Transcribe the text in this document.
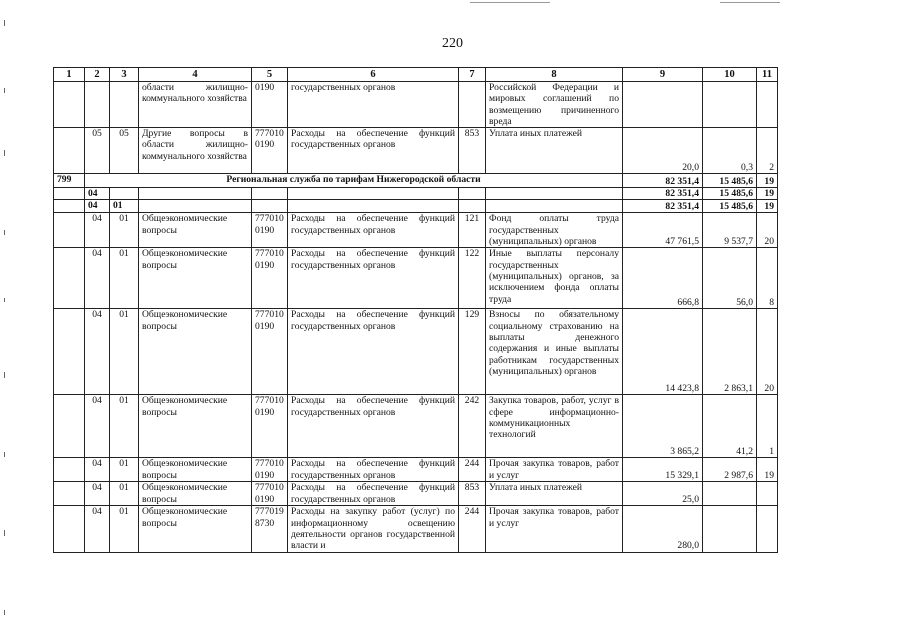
220
1	2	3	4	5	6	7	8	9	10	11
			области жилищно-коммунального хозяйства	0190	государственных органов		Российской Федерации и мировых соглашений по возмещению причиненного вреда			
	05	05	Другие вопросы в области жилищно-коммунального хозяйства	777010 0190	Расходы на обеспечение функций государственных органов	853	Уплата иных платежей	20,0	0,3	2
799	Региональная служба по тарифам Нижегородской области							82 351,4	15 485,6	19
	04							82 351,4	15 485,6	19
	04	01						82 351,4	15 485,6	19
	04	01	Общеэкономические вопросы	777010 0190	Расходы на обеспечение функций государственных органов	121	Фонд оплаты труда государственных (муниципальных) органов	47 761,5	9 537,7	20
	04	01	Общеэкономические вопросы	777010 0190	Расходы на обеспечение функций государственных органов	122	Иные выплаты персоналу государственных (муниципальных) органов, за исключением фонда оплаты труда	666,8	56,0	8
	04	01	Общеэкономические вопросы	777010 0190	Расходы на обеспечение функций государственных органов	129	Взносы по обязательному социальному страхованию на выплаты денежного содержания и иные выплаты работникам государственных (муниципальных) органов	14 423,8	2 863,1	20
	04	01	Общеэкономические вопросы	777010 0190	Расходы на обеспечение функций государственных органов	242	Закупка товаров, работ, услуг в сфере информационно-коммуникационных технологий	3 865,2	41,2	1
	04	01	Общеэкономические вопросы	777010 0190	Расходы на обеспечение функций государственных органов	244	Прочая закупка товаров, работ и услуг	15 329,1	2 987,6	19
	04	01	Общеэкономические вопросы	777010 0190	Расходы на обеспечение функций государственных органов	853	Уплата иных платежей	25,0		
	04	01	Общеэкономические вопросы	777019 8730	Расходы на закупку работ (услуг) по информационному освещению деятельности органов государственной власти и	244	Прочая закупка товаров, работ и услуг	280,0		
